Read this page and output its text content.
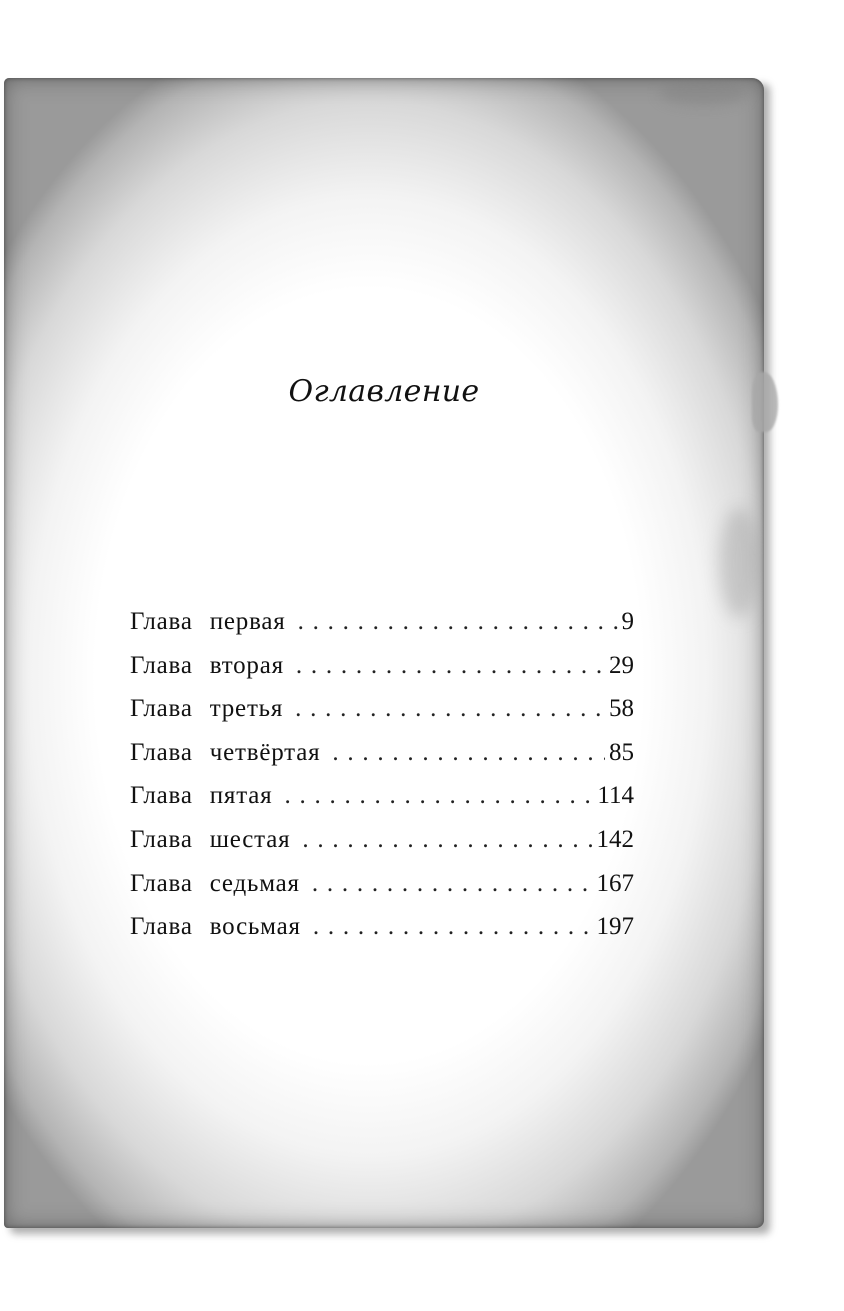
Оглавление
Глава первая . . .	9
Глава вторая . . .	29
Глава третья . . .	58
Глава четвёртая . . .	85
Глава пятая . . .	114
Глава шестая . . .	142
Глава седьмая . . .	167
Глава восьмая . . .	197
